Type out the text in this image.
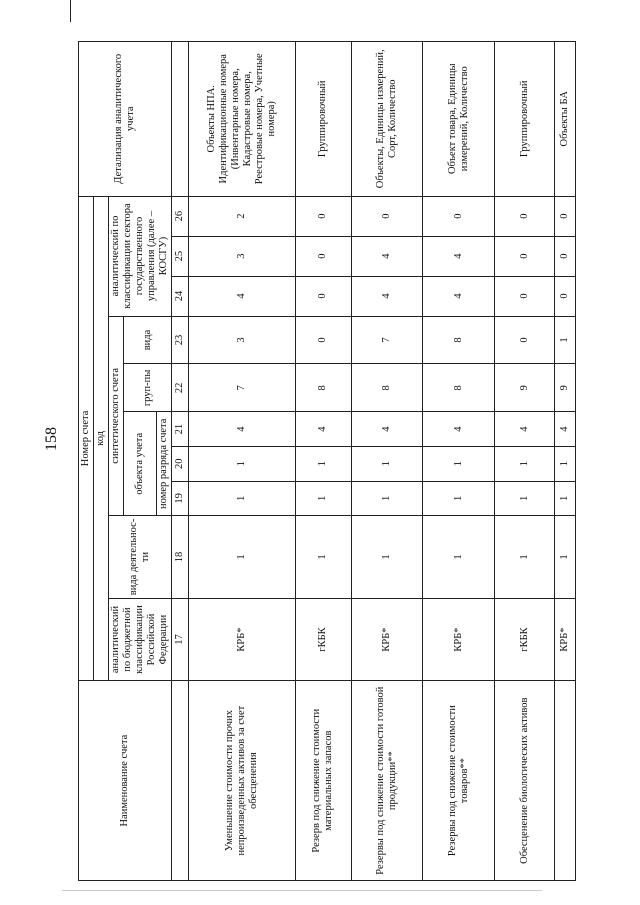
158
Наименование счета	Номер счета										Детализация аналитического учета
	код										
	аналитический по бюджетной классификации Российской Федерации	вида деятельнос-ти	синтетического счета					аналитический по классификации сектора государственного управления (далее – КОСГУ)			
			объекта учета			груп-пы	вида				
			номер разряда счета								
	17	18	19	20	21	22	23	24	25	26	
Уменьшение стоимости прочих непроизведенных активов за счет обесценения	КРБ*	1	1	1	4	7	3	4	3	2	Объекты НПА. Идентификационные номера (Инвентарные номера, Кадастровые номера, Реестровые номера, Учетные номера)
Резерв под снижение стоимости материальных запасов	гКБК	1	1	1	4	8	0	0	0	0	Группировочный
Резервы под снижение стоимости готовой продукции**	КРБ*	1	1	1	4	8	7	4	4	0	Объекты, Единицы измерений, Сорт, Количество
Резервы под снижение стоимости товаров**	КРБ*	1	1	1	4	8	8	4	4	0	Объект товара, Единицы измерений, Количество
Обесценение биологических активов	гКБК	1	1	1	4	9	0	0	0	0	Группировочный
	КРБ*	1	1	1	4	9	1	0	0	0	Объекты БА
